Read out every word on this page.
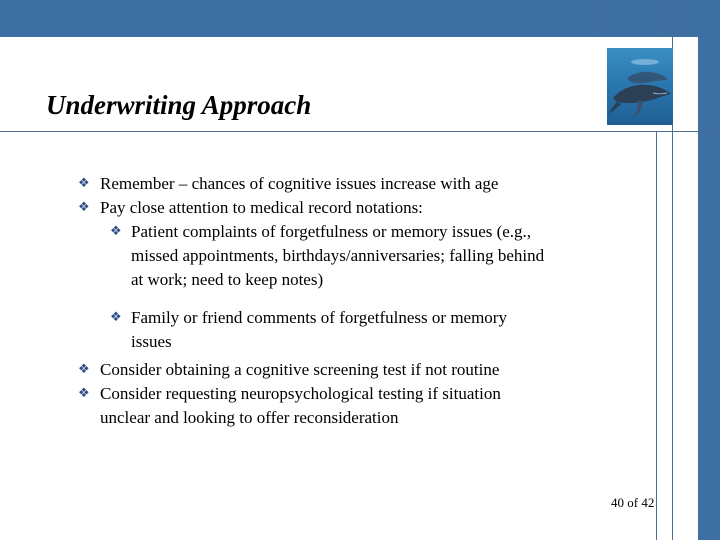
Underwriting Approach
❖ Remember – chances of cognitive issues increase with age
❖ Pay close attention to medical record notations:
❖ Patient complaints of forgetfulness or memory issues (e.g.,
missed appointments, birthdays/anniversaries; falling behind
at work; need to keep notes)
❖ Family or friend comments of forgetfulness or memory
issues
❖ Consider obtaining a cognitive screening test if not routine
❖ Consider requesting neuropsychological testing if situation
unclear and looking to offer reconsideration
40 of 42
